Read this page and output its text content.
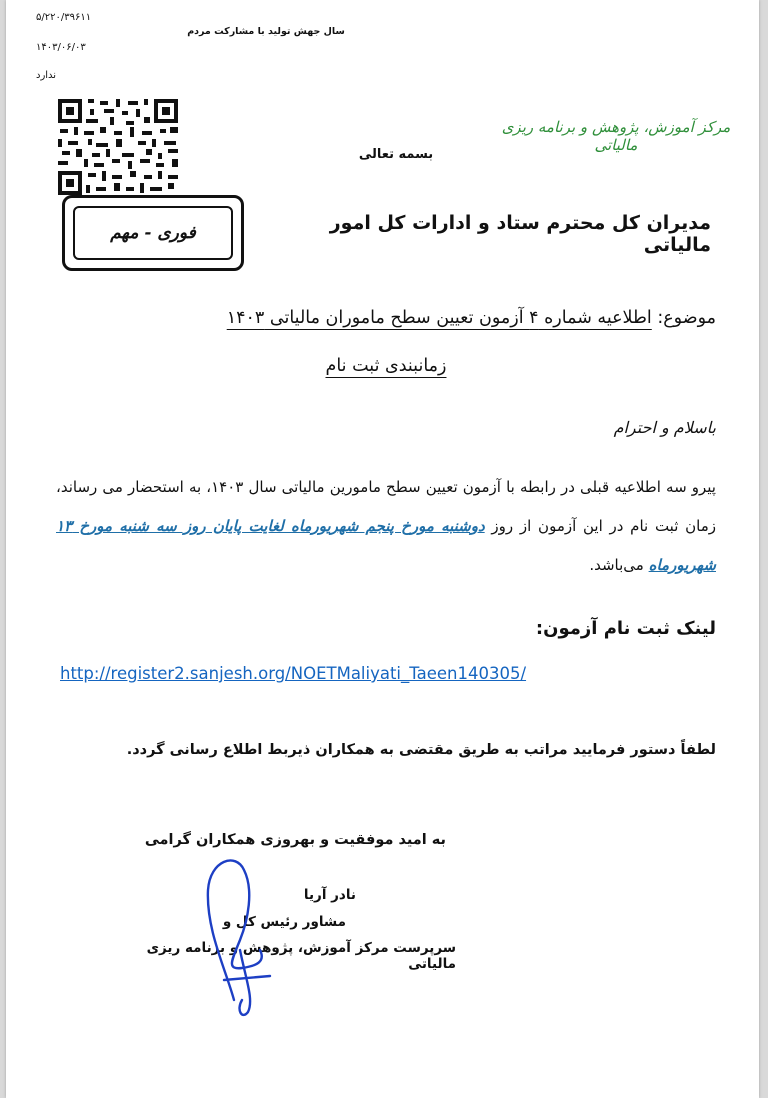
۵/۲۲۰/۳۹۶۱۱
۱۴۰۳/۰۶/۰۳
ندارد
سال جهش تولید با مشارکت مردم
مرکز آموزش، پژوهش و برنامه ریزی مالیاتی
بسمه تعالی
فوری - مهم	مدیران کل محترم ستاد و ادارات کل امور مالیاتی
موضوع: اطلاعیه شماره ۴ آزمون تعیین سطح ماموران مالیاتی ۱۴۰۳
زمانبندی ثبت نام
باسلام و احترام
پیرو سه اطلاعیه قبلی در رابطه با آزمون تعیین سطح مامورین مالیاتی سال ۱۴۰۳، به استحضار می رساند، زمان ثبت نام در این آزمون از روز دوشنبه مورخ پنجم شهریورماه لغایت پایان روز سه شنبه مورخ ۱۳ شهریورماه می‌باشد.
لینک ثبت نام آزمون:
http://register2.sanjesh.org/NOETMaliyati_Taeen140305/
لطفاً دستور فرمایید مراتب به طریق مقتضی به همکاران ذیربط اطلاع رسانی گردد.
به امید موفقیت و بهروزی همکاران گرامی
نادر آریا
مشاور رئیس کل و
سرپرست مرکز آموزش، پژوهش و برنامه ریزی مالیاتی
